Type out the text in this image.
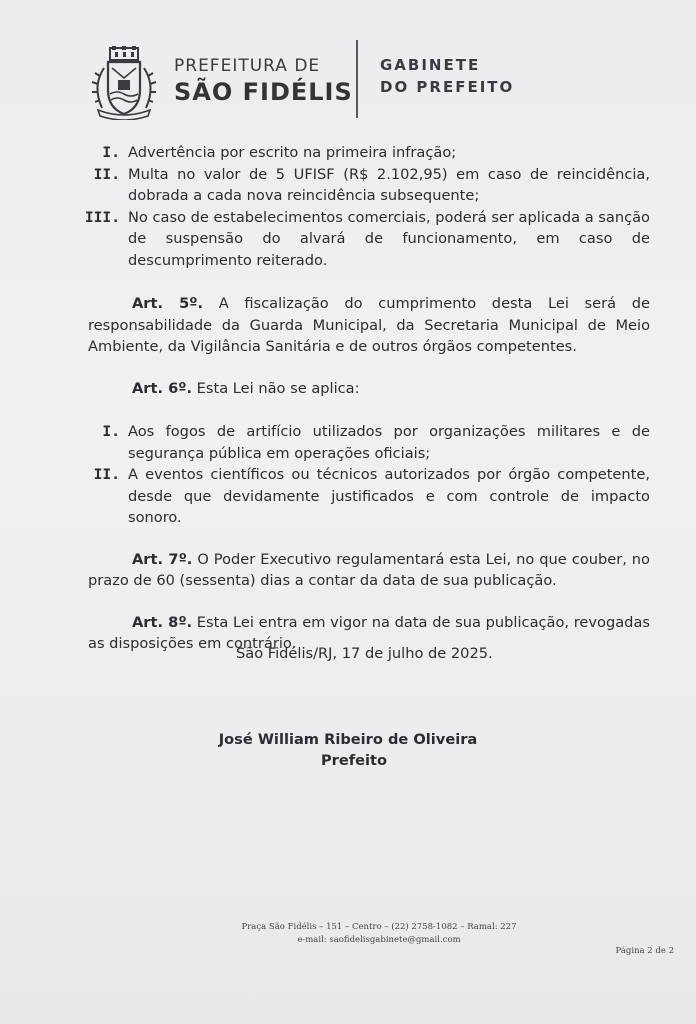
PREFEITURA DE
SÃO FIDÉLIS
GABINETE
DO PREFEITO
I. Advertência por escrito na primeira infração;
II. Multa no valor de 5 UFISF (R$ 2.102,95) em caso de reincidência, dobrada a cada nova reincidência subsequente;
III. No caso de estabelecimentos comerciais, poderá ser aplicada a sanção de suspensão do alvará de funcionamento, em caso de descumprimento reiterado.
Art. 5º. A fiscalização do cumprimento desta Lei será de responsabilidade da Guarda Municipal, da Secretaria Municipal de Meio Ambiente, da Vigilância Sanitária e de outros órgãos competentes.
Art. 6º. Esta Lei não se aplica:
I. Aos fogos de artifício utilizados por organizações militares e de segurança pública em operações oficiais;
II. A eventos científicos ou técnicos autorizados por órgão competente, desde que devidamente justificados e com controle de impacto sonoro.
Art. 7º. O Poder Executivo regulamentará esta Lei, no que couber, no prazo de 60 (sessenta) dias a contar da data de sua publicação.
Art. 8º. Esta Lei entra em vigor na data de sua publicação, revogadas as disposições em contrário.
São Fidélis/RJ, 17 de julho de 2025.
José William Ribeiro de Oliveira
Prefeito
Praça São Fidélis – 151 – Centro – (22) 2758-1082 – Ramal: 227
e-mail: saofidelisgabinete@gmail.com
Página 2 de 2
